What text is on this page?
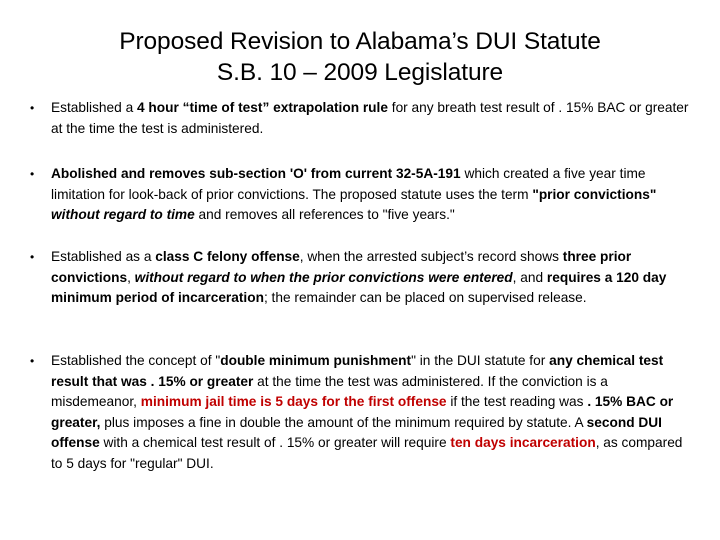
Proposed Revision to Alabama’s DUI Statute
S.B. 10 – 2009 Legislature
• Established a 4 hour “time of test” extrapolation rule for any breath test result of . 15% BAC or greater at the time the test is administered.
• Abolished and removes sub-section 'O' from current 32-5A-191 which created a five year time limitation for look-back of prior convictions. The proposed statute uses the term "prior convictions" without regard to time and removes all references to "five years."
• Established as a class C felony offense, when the arrested subject’s record shows three prior convictions, without regard to when the prior convictions were entered, and requires a 120 day minimum period of incarceration; the remainder can be placed on supervised release.
• Established the concept of "double minimum punishment" in the DUI statute for any chemical test result that was . 15% or greater at the time the test was administered. If the conviction is a misdemeanor, minimum jail time is 5 days for the first offense if the test reading was . 15% BAC or greater, plus imposes a fine in double the amount of the minimum required by statute. A second DUI offense with a chemical test result of . 15% or greater will require ten days incarceration, as compared to 5 days for "regular" DUI.
